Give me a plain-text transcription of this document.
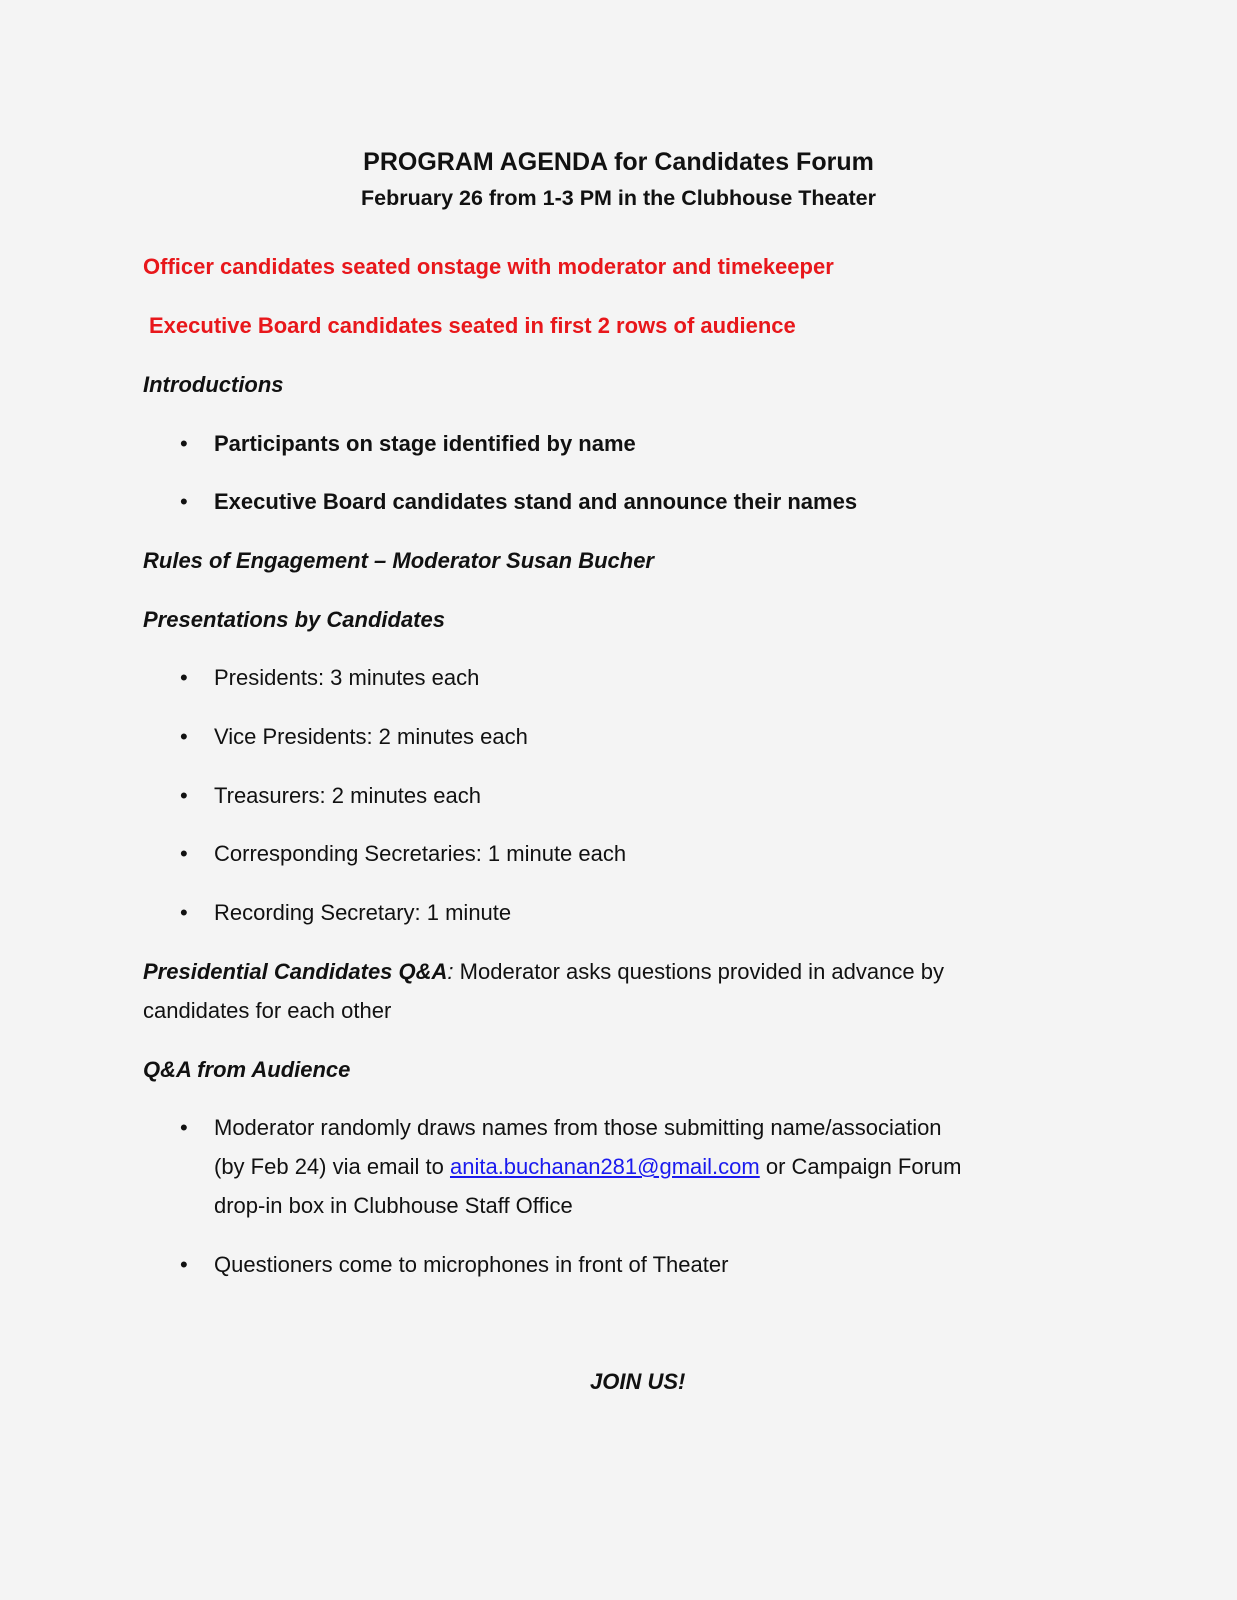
PROGRAM AGENDA for Candidates Forum
February 26 from 1-3 PM in the Clubhouse Theater
Officer candidates seated onstage with moderator and timekeeper
Executive Board candidates seated in first 2 rows of audience
Introductions
• Participants on stage identified by name
• Executive Board candidates stand and announce their names
Rules of Engagement – Moderator Susan Bucher
Presentations by Candidates
• Presidents: 3 minutes each
• Vice Presidents: 2 minutes each
• Treasurers: 2 minutes each
• Corresponding Secretaries: 1 minute each
• Recording Secretary: 1 minute
Presidential Candidates Q&A: Moderator asks questions provided in advance by
candidates for each other
Q&A from Audience
• Moderator randomly draws names from those submitting name/association
(by Feb 24) via email to anita.buchanan281@gmail.com or Campaign Forum
drop-in box in Clubhouse Staff Office
• Questioners come to microphones in front of Theater
JOIN US!
